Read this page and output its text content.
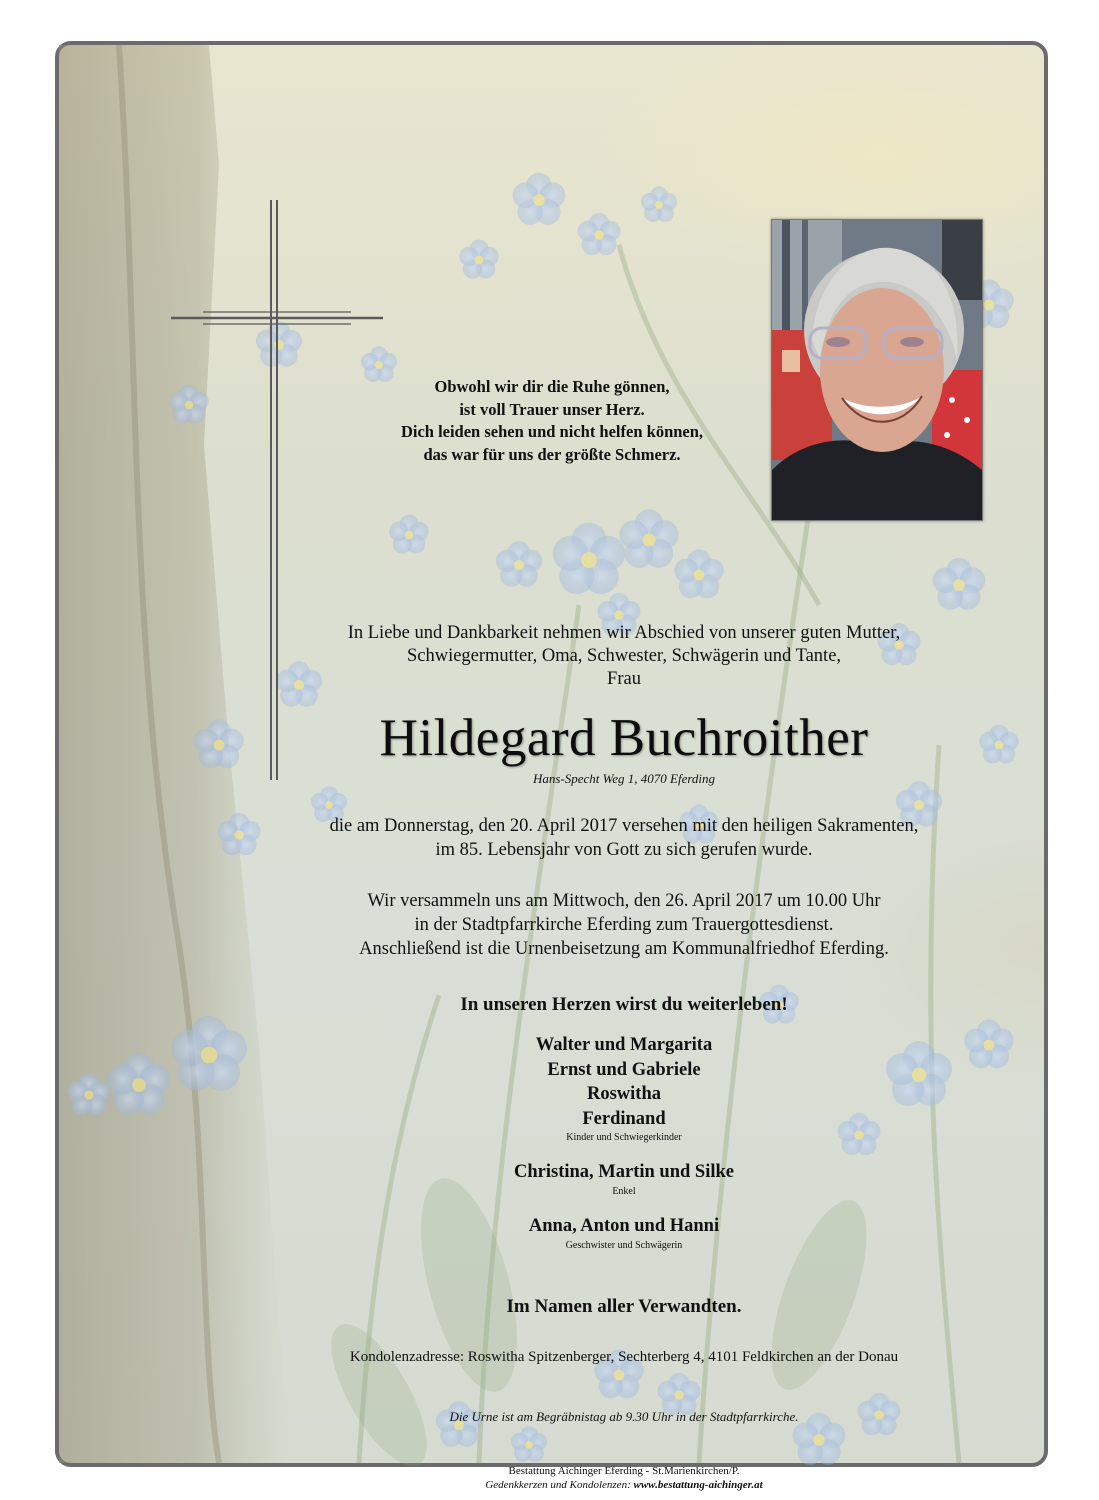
Obwohl wir dir die Ruhe gönnen,
ist voll Trauer unser Herz.
Dich leiden sehen und nicht helfen können,
das war für uns der größte Schmerz.
In Liebe und Dankbarkeit nehmen wir Abschied von unserer guten Mutter,
Schwiegermutter, Oma, Schwester, Schwägerin und Tante,
Frau
Hildegard Buchroither
Hans-Specht Weg 1, 4070 Eferding
die am Donnerstag, den 20. April 2017 versehen mit den heiligen Sakramenten,
im 85. Lebensjahr von Gott zu sich gerufen wurde.
Wir versammeln uns am Mittwoch, den 26. April 2017 um 10.00 Uhr
in der Stadtpfarrkirche Eferding zum Trauergottesdienst.
Anschließend ist die Urnenbeisetzung am Kommunalfriedhof Eferding.
In unseren Herzen wirst du weiterleben!
Walter und Margarita
Ernst und Gabriele
Roswitha
Ferdinand
Kinder und Schwiegerkinder
Christina, Martin und Silke
Enkel
Anna, Anton und Hanni
Geschwister und Schwägerin
Im Namen aller Verwandten.
Kondolenzadresse: Roswitha Spitzenberger, Sechterberg 4, 4101 Feldkirchen an der Donau
Die Urne ist am Begräbnistag ab 9.30 Uhr in der Stadtpfarrkirche.
Bestattung Aichinger Eferding - St.Marienkirchen/P.
Gedenkkerzen und Kondolenzen: www.bestattung-aichinger.at
